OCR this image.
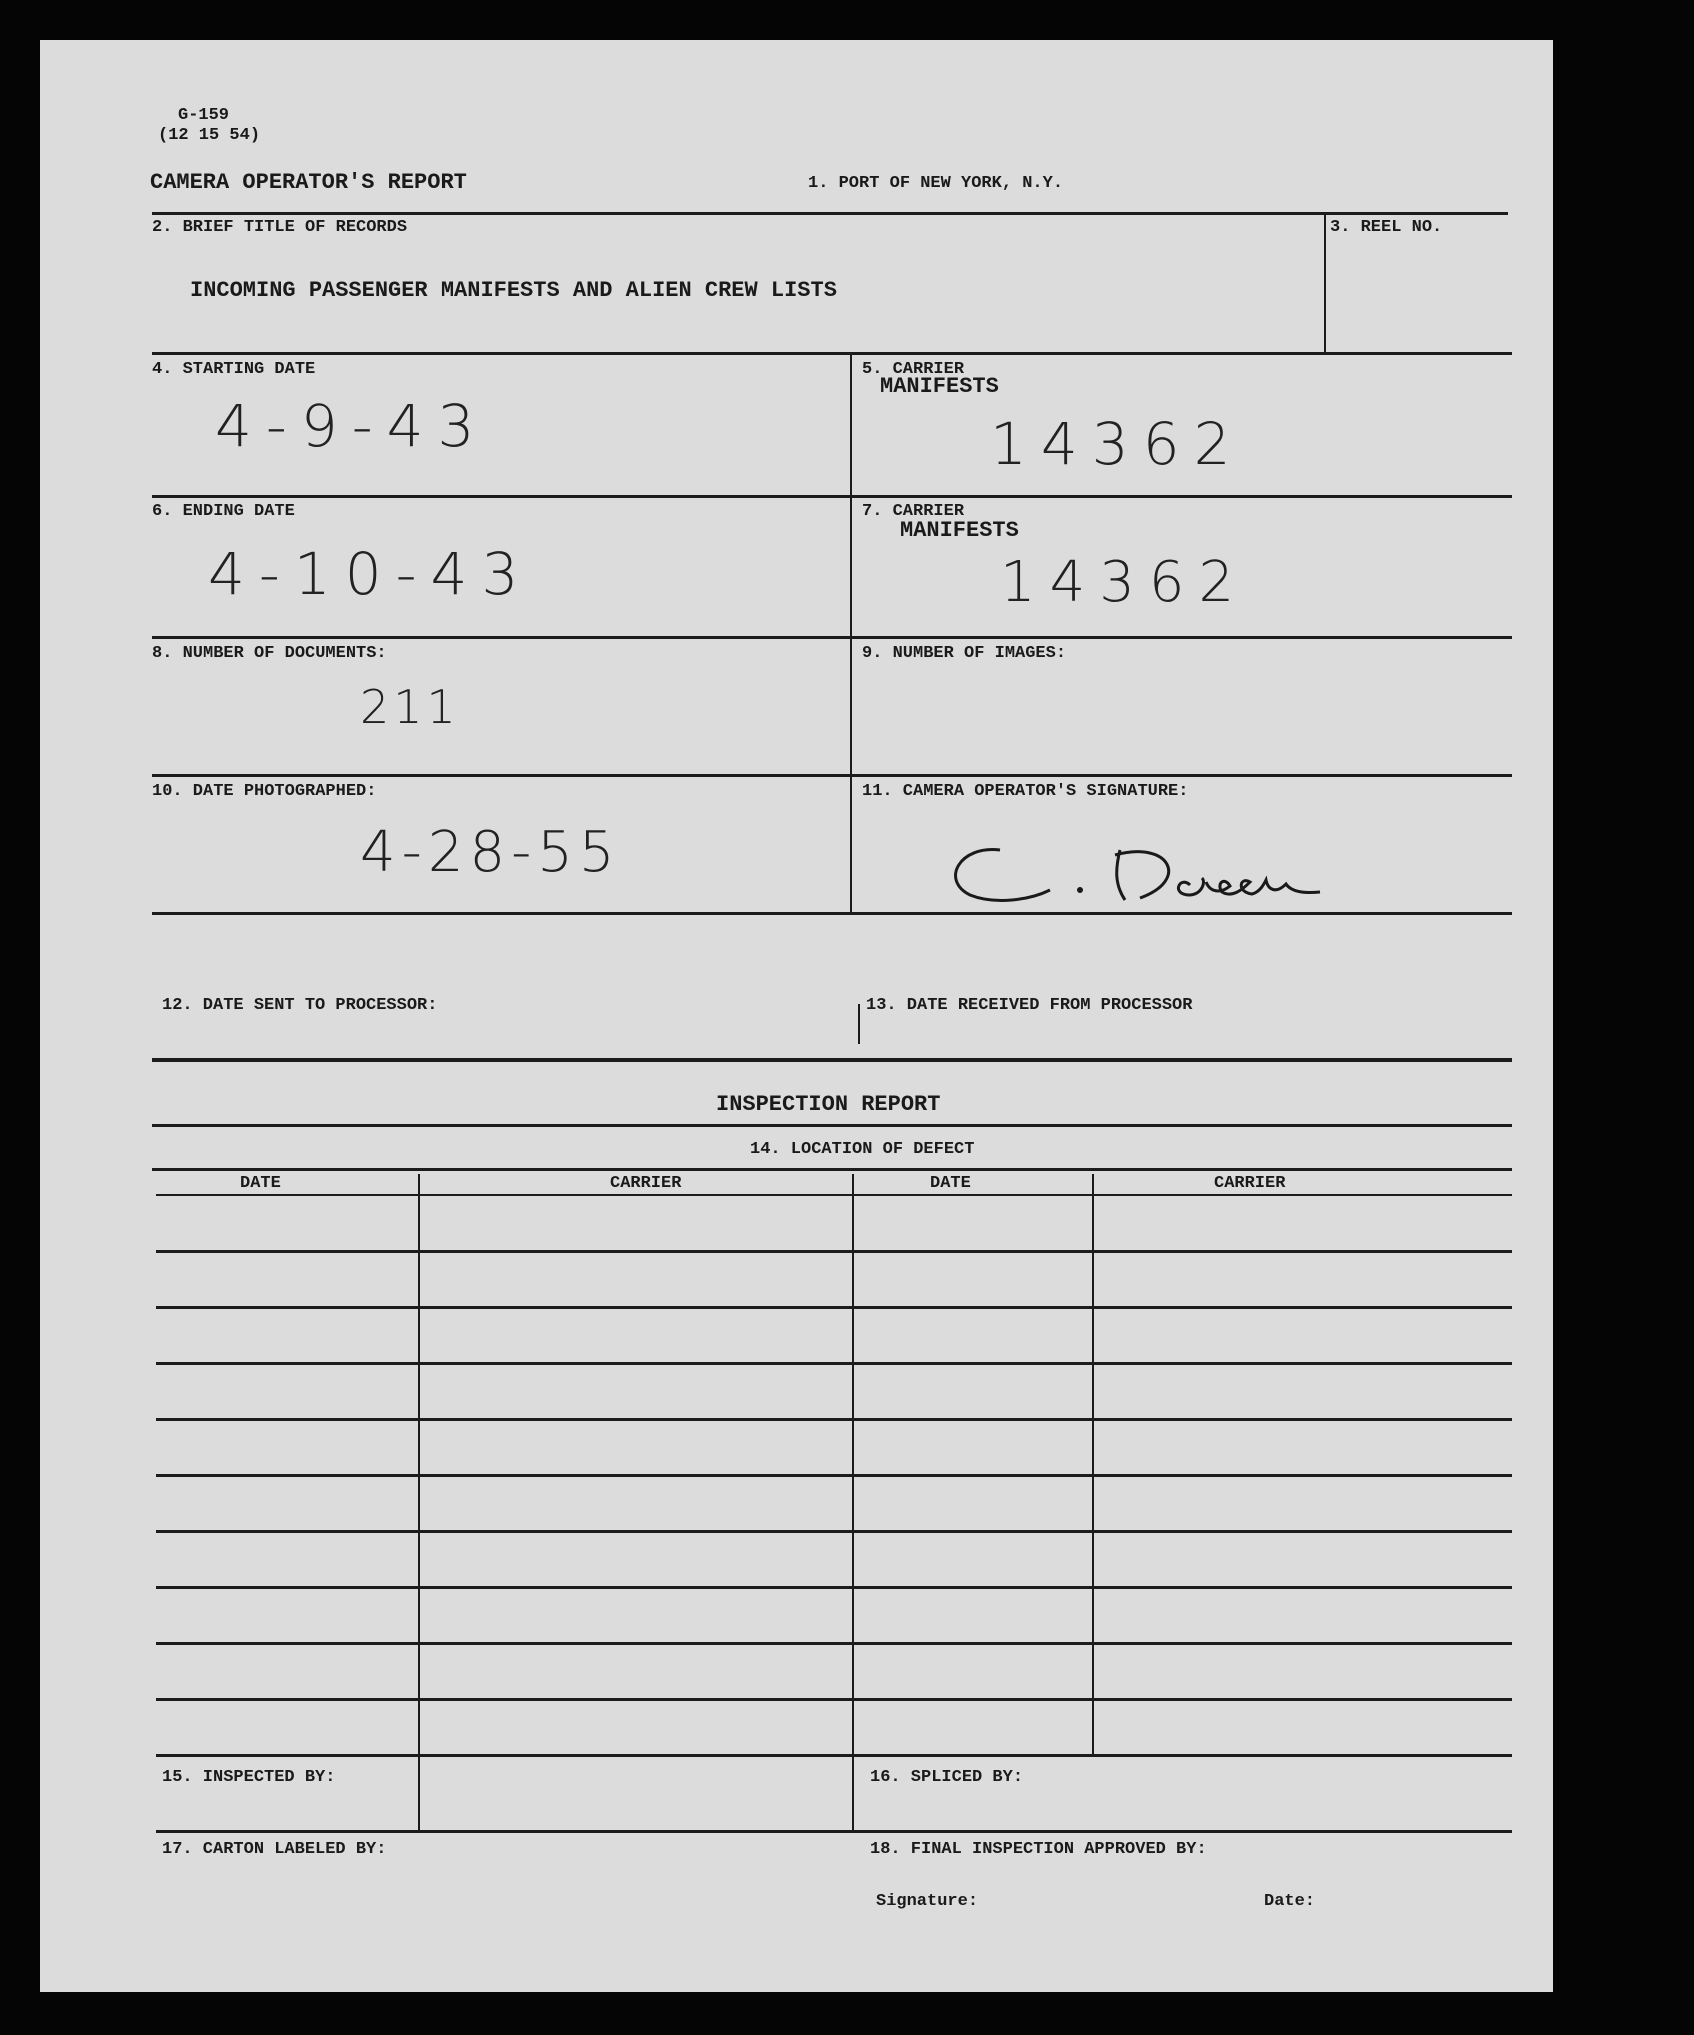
G-159
(12 15 54)
CAMERA OPERATOR'S REPORT	1. PORT OF NEW YORK, N.Y.
2. BRIEF TITLE OF RECORDS	3. REEL NO.
INCOMING PASSENGER MANIFESTS AND ALIEN CREW LISTS
4. STARTING DATE
4-9-43
5. CARRIER
MANIFESTS
14362
6. ENDING DATE
4-10-43
7. CARRIER
MANIFESTS
14362
8. NUMBER OF DOCUMENTS:
211
9. NUMBER OF IMAGES:
10. DATE PHOTOGRAPHED:
4-28-55
11. CAMERA OPERATOR'S SIGNATURE:
12. DATE SENT TO PROCESSOR:	13. DATE RECEIVED FROM PROCESSOR
INSPECTION REPORT
14. LOCATION OF DEFECT
DATE	CARRIER	DATE	CARRIER
15. INSPECTED BY:	16. SPLICED BY:
17. CARTON LABELED BY:	18. FINAL INSPECTION APPROVED BY:
Signature:	Date:
